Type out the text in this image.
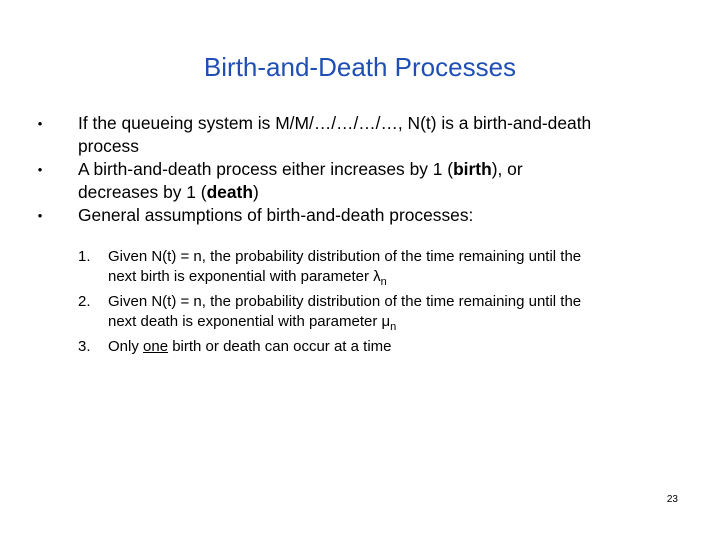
Birth-and-Death Processes
•	If the queueing system is M/M/…/…/…/…, N(t) is a birth-and-death
process
•	A birth-and-death process either increases by 1 (birth), or
decreases by 1 (death)
•	General assumptions of birth-and-death processes:
1. Given N(t) = n, the probability distribution of the time remaining until the
next birth is exponential with parameter $\lambda_n$
2. Given N(t) = n, the probability distribution of the time remaining until the
next death is exponential with parameter $\mu_n$
3. Only one birth or death can occur at a time
23
